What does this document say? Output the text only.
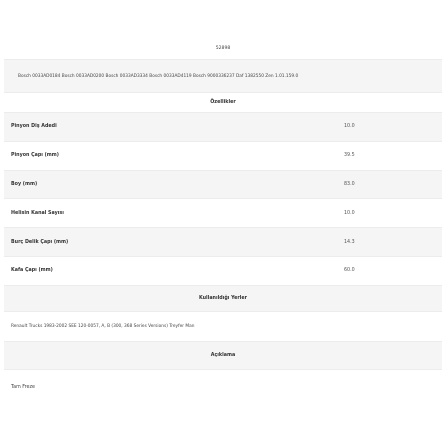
52898
Bosch 0033AD0184 Bosch 0033AD0200 Bosch 0033AD3334 Bosch 0033AD4119 Bosch 9000336237 Daf 1382550 Zen 1.01.159.0
Özellikler
Pinyon Diş Adedi	10.0
Pinyon Çapı (mm)	39.5
Boy (mm)	83.0
Helisin Kanal Sayısı	10.0
Burç Delik Çapı (mm)	14.3
Kafa Çapı (mm)	60.0
Kullanıldığı Yerler
Renault Trucks 1983-2002 SEE 120-0057, A, B (300, 368 Series Versions) Treyfer Man
Açıklama
Tam Frezе
